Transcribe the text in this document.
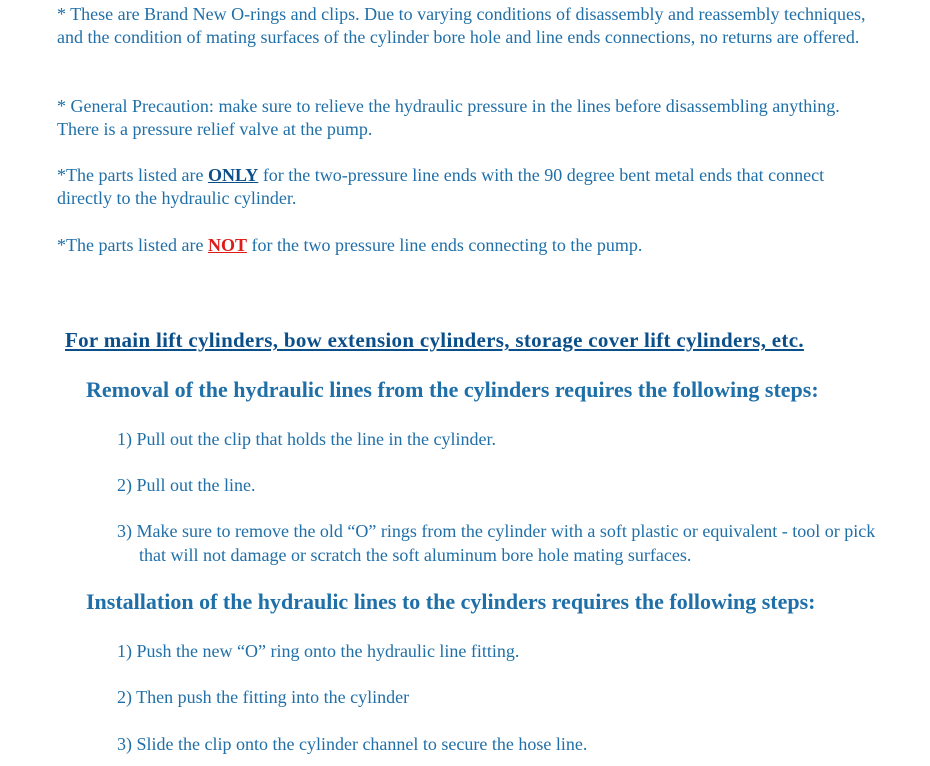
* These are Brand New O-rings and clips. Due to varying conditions of disassembly and reassembly techniques, and the condition of mating surfaces of the cylinder bore hole and line ends connections, no returns are offered.

* General Precaution: make sure to relieve the hydraulic pressure in the lines before disassembling anything. There is a pressure relief valve at the pump.

*The parts listed are ONLY for the two-pressure line ends with the 90 degree bent metal ends that connect directly to the hydraulic cylinder.

*The parts listed are NOT for the two pressure line ends connecting to the pump.

For main lift cylinders, bow extension cylinders, storage cover lift cylinders, etc.
Removal of the hydraulic lines from the cylinders requires the following steps:

1) Pull out the clip that holds the line in the cylinder.

2) Pull out the line.

3) Make sure to remove the old “O” rings from the cylinder with a soft plastic or equivalent - tool or pick that will not damage or scratch the soft aluminum bore hole mating surfaces.

Installation of the hydraulic lines to the cylinders requires the following steps:

1) Push the new “O” ring onto the hydraulic line fitting.

2) Then push the fitting into the cylinder

3) Slide the clip onto the cylinder channel to secure the hose line.
